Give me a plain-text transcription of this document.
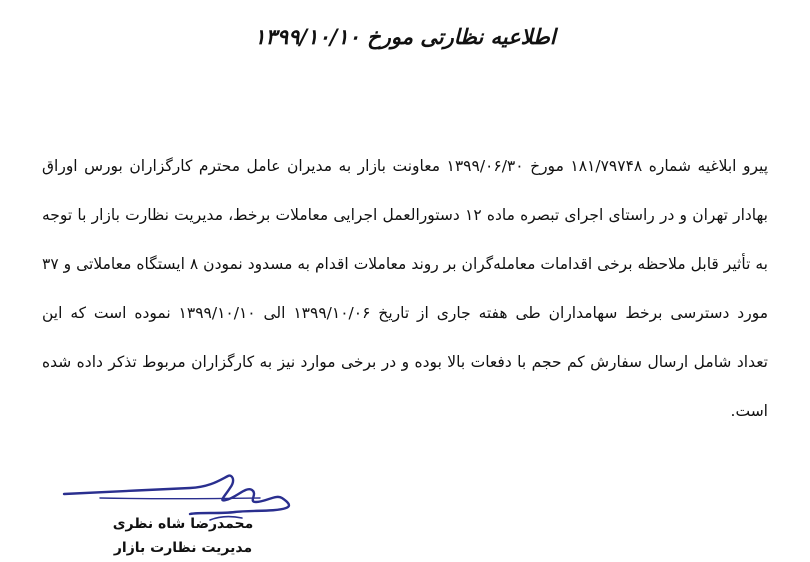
اطلاعیه نظارتی مورخ ۱۳۹۹/۱۰/۱۰

پیرو ابلاغیه شماره ۱۸۱/۷۹۷۴۸ مورخ ۱۳۹۹/۰۶/۳۰ معاونت بازار به مدیران عامل محترم کارگزاران بورس اوراق

بهادار تهران و در راستای اجرای تبصره ماده ۱۲ دستورالعمل اجرایی معاملات برخط، مدیریت نظارت بازار با توجه

به تأثیر قابل ملاحظه برخی اقدامات معامله‌گران بر روند معاملات اقدام به مسدود نمودن ۸ ایستگاه معاملاتی و ۳۷

مورد دسترسی برخط سهامداران طی هفته جاری از تاریخ ۱۳۹۹/۱۰/۰۶ الی ۱۳۹۹/۱۰/۱۰ نموده است که این

تعداد شامل ارسال سفارش کم حجم با دفعات بالا بوده و در برخی موارد نیز به کارگزاران مربوط تذکر داده شده

است.

محمدرضا شاه نظری
مدیریت نظارت بازار
